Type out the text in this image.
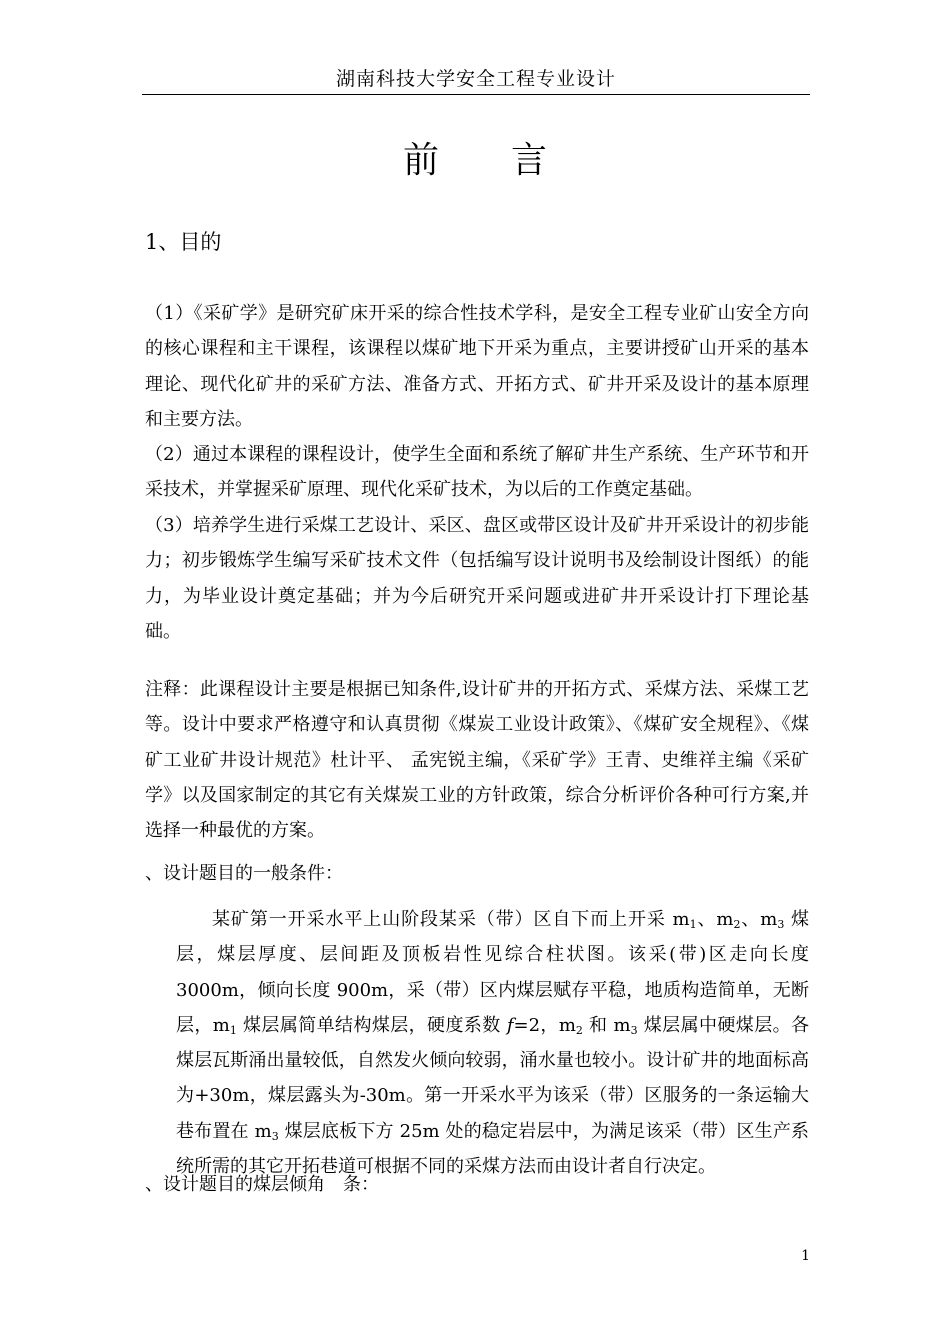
湖南科技大学安全工程专业设计
前 言
1、目的
（1）《采矿学》是研究矿床开采的综合性技术学科，是安全工程专业矿山安全方向的核心课程和主干课程，该课程以煤矿地下开采为重点，主要讲授矿山开采的基本理论、现代化矿井的采矿方法、准备方式、开拓方式、矿井开采及设计的基本原理和主要方法。
（2）通过本课程的课程设计，使学生全面和系统了解矿井生产系统、生产环节和开采技术，并掌握采矿原理、现代化采矿技术，为以后的工作奠定基础。
（3）培养学生进行采煤工艺设计、采区、盘区或带区设计及矿井开采设计的初步能力；初步锻炼学生编写采矿技术文件（包括编写设计说明书及绘制设计图纸）的能力，为毕业设计奠定基础；并为今后研究开采问题或进矿井开采设计打下理论基础。
注释：此课程设计主要是根据已知条件,设计矿井的开拓方式、采煤方法、采煤工艺等。设计中要求严格遵守和认真贯彻《煤炭工业设计政策》、《煤矿安全规程》、《煤矿工业矿井设计规范》杜计平、 孟宪锐主编，《采矿学》王青、史维祥主编《采矿学》以及国家制定的其它有关煤炭工业的方针政策，综合分析评价各种可行方案,并选择一种最优的方案。
、设计题目的一般条件：
某矿第一开采水平上山阶段某采（带）区自下而上开采 $m_1$、$m_2$、$m_3$ 煤层，煤层厚度、层间距及顶板岩性见综合柱状图。该采(带)区走向长度 3000m，倾向长度 900m，采（带）区内煤层赋存平稳，地质构造简单，无断层，$m_1$ 煤层属简单结构煤层，硬度系数 f=2，$m_2$ 和 $m_3$ 煤层属中硬煤层。各煤层瓦斯涌出量较低，自然发火倾向较弱，涌水量也较小。设计矿井的地面标高为+30m，煤层露头为-30m。第一开采水平为该采（带）区服务的一条运输大巷布置在 $m_3$ 煤层底板下方 25m 处的稳定岩层中，为满足该采（带）区生产系统所需的其它开拓巷道可根据不同的采煤方法而由设计者自行决定。
、设计题目的煤层倾角　条：
1
